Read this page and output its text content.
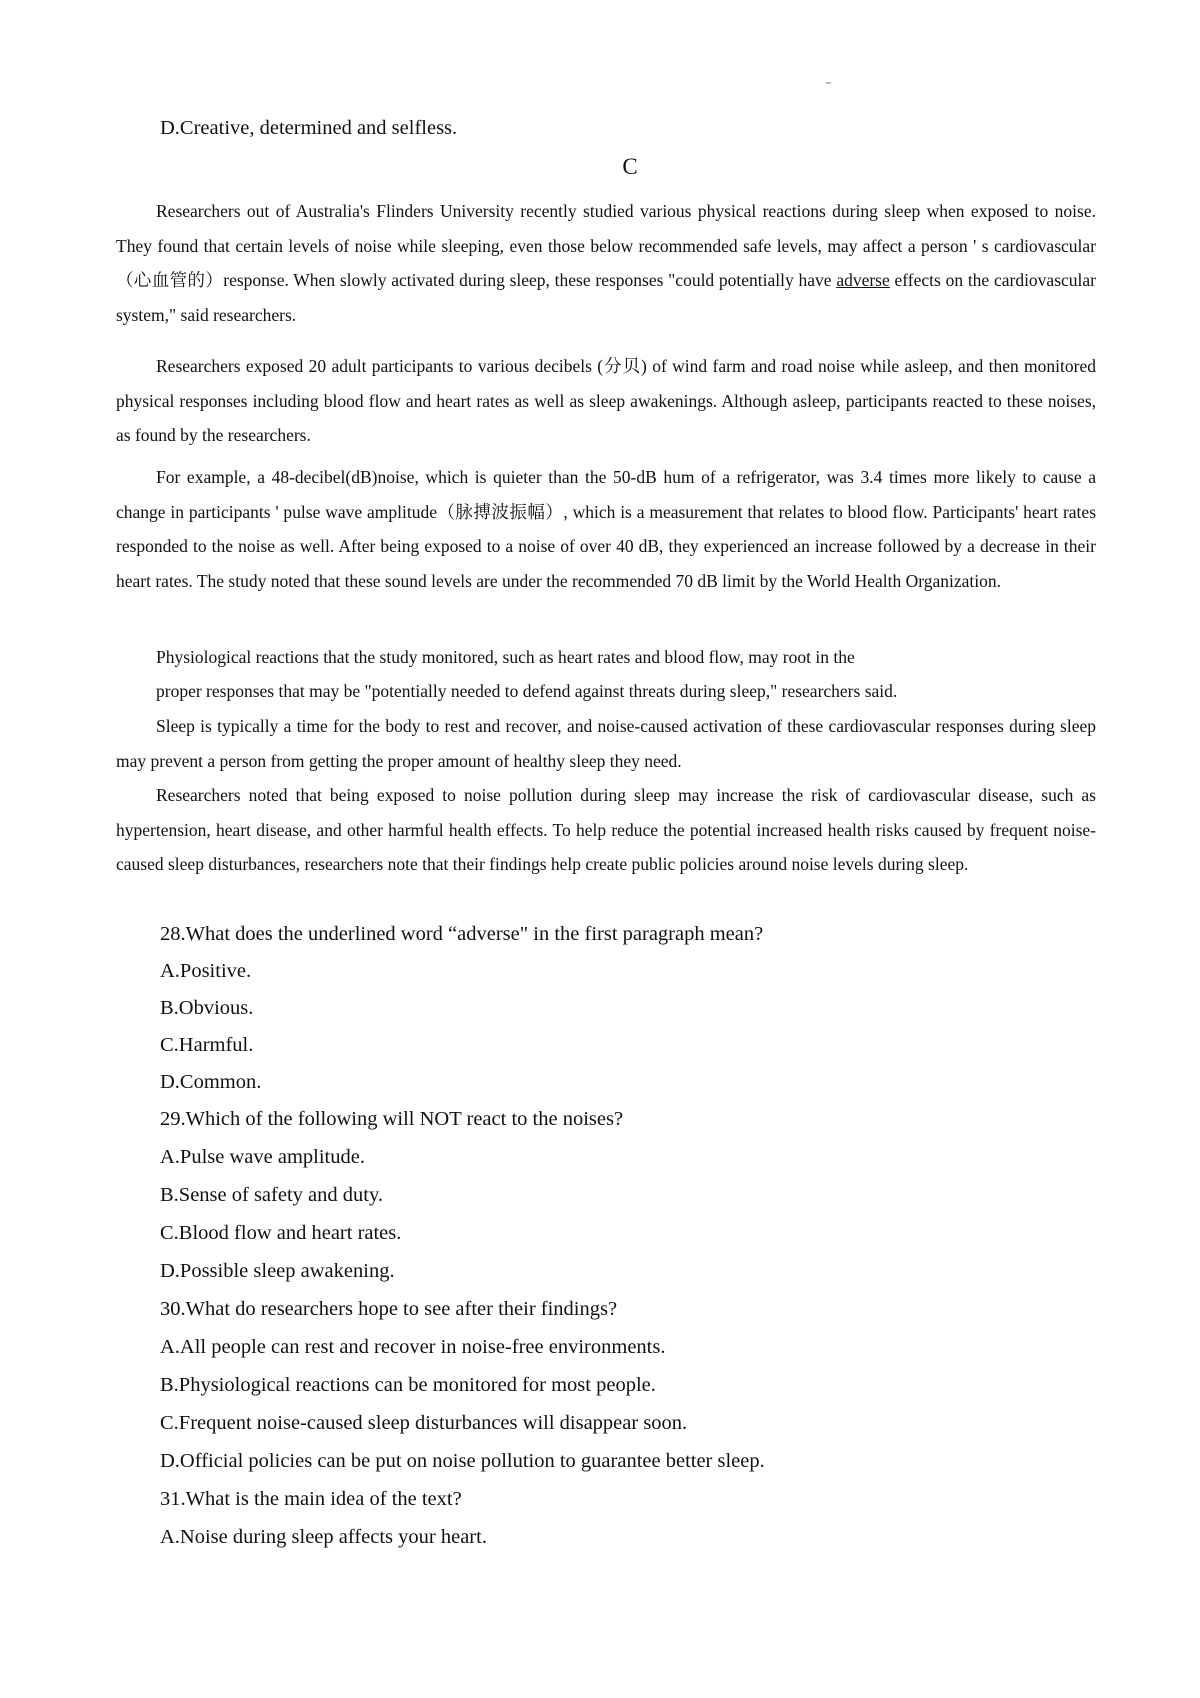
D.Creative, determined and selfless.
C

Researchers out of Australia's Flinders University recently studied various physical reactions during sleep when exposed to noise. They found that certain levels of noise while sleeping, even those below recommended safe levels, may affect a person ' s cardiovascular（心血管的）response. When slowly activated during sleep, these responses "could potentially have adverse effects on the cardiovascular system," said researchers.

Researchers exposed 20 adult participants to various decibels (分贝) of wind farm and road noise while asleep, and then monitored physical responses including blood flow and heart rates as well as sleep awakenings. Although asleep, participants reacted to these noises, as found by the researchers.

For example, a 48-decibel(dB)noise, which is quieter than the 50-dB hum of a refrigerator, was 3.4 times more likely to cause a change in participants ' pulse wave amplitude（脉搏波振幅）, which is a measurement that relates to blood flow. Participants' heart rates responded to the noise as well. After being exposed to a noise of over 40 dB, they experienced an increase followed by a decrease in their heart rates. The study noted that these sound levels are under the recommended 70 dB limit by the World Health Organization.

Physiological reactions that the study monitored, such as heart rates and blood flow, may root in the
proper responses that may be "potentially needed to defend against threats during sleep," researchers said.

Sleep is typically a time for the body to rest and recover, and noise-caused activation of these cardiovascular responses during sleep may prevent a person from getting the proper amount of healthy sleep they need.

Researchers noted that being exposed to noise pollution during sleep may increase the risk of cardiovascular disease, such as hypertension, heart disease, and other harmful health effects. To help reduce the potential increased health risks caused by frequent noise-caused sleep disturbances, researchers note that their findings help create public policies around noise levels during sleep.

28.What does the underlined word “adverse" in the first paragraph mean?
A.Positive.
B.Obvious.
C.Harmful.
D.Common.
29.Which of the following will NOT react to the noises?
A.Pulse wave amplitude.
B.Sense of safety and duty.
C.Blood flow and heart rates.
D.Possible sleep awakening.
30.What do researchers hope to see after their findings?
A.All people can rest and recover in noise-free environments.
B.Physiological reactions can be monitored for most people.
C.Frequent noise-caused sleep disturbances will disappear soon.
D.Official policies can be put on noise pollution to guarantee better sleep.
31.What is the main idea of the text?
A.Noise during sleep affects your heart.
